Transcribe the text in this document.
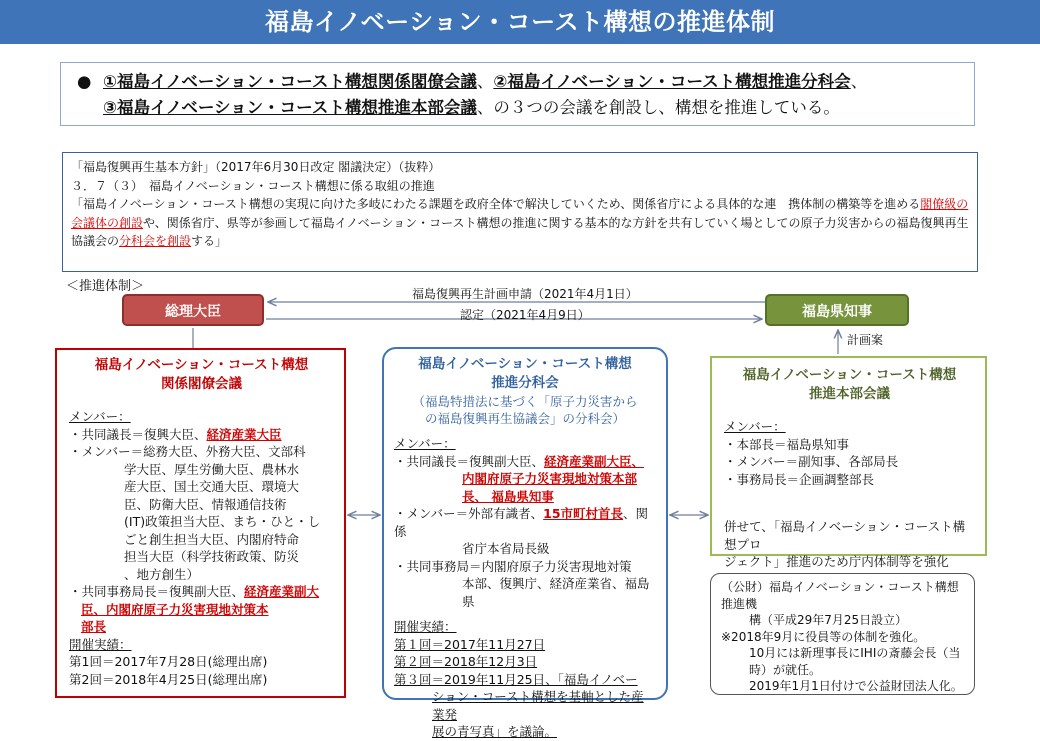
福島イノベーション・コースト構想の推進体制
● ①福島イノベーション・コースト構想関係閣僚会議、②福島イノベーション・コースト構想推進分科会、
③福島イノベーション・コースト構想推進本部会議、の３つの会議を創設し、構想を推進している。
「福島復興再生基本方針」（2017年6月30日改定 閣議決定）（抜粋）
３．７（３）　福島イノベーション・コースト構想に係る取組の推進
「福島イノベーション・コースト構想の実現に向けた多岐にわたる課題を政府全体で解決していくため、関係省庁による具体的な連　携体制の構築等を進める閣僚級の会議体の創設や、関係省庁、県等が参画して福島イノベーション・コースト構想の推進に関する基本的な方針を共有していく場としての原子力災害からの福島復興再生協議会の分科会を創設する」
＜推進体制＞
総理大臣	福島県知事
福島復興再生計画申請（2021年4月1日）
認定（2021年4月9日）
計画案
福島イノベーション・コースト構想
関係閣僚会議
メンバー：
・共同議長＝復興大臣、経済産業大臣
・メンバー＝総務大臣、外務大臣、文部科
学大臣、厚生労働大臣、農林水
産大臣、国土交通大臣、環境大
臣、防衛大臣、情報通信技術
(IT)政策担当大臣、まち・ひと・し
ごと創生担当大臣、内閣府特命
担当大臣（科学技術政策、防災
、地方創生）
・共同事務局長＝復興副大臣、経済産業副大
臣、内閣府原子力災害現地対策本
部長
開催実績：
第1回＝2017年7月28日(総理出席)
第2回＝2018年4月25日(総理出席)
福島イノベーション・コースト構想
推進分科会
（福島特措法に基づく「原子力災害から
の福島復興再生協議会」の分科会）
メンバー：
・共同議長＝復興副大臣、経済産業副大臣、
内閣府原子力災害現地対策本部
長、 福島県知事
・メンバー＝外部有識者、15市町村首長、関係
省庁本省局長級
・共同事務局＝内閣府原子力災害現地対策
本部、復興庁、経済産業省、福島県
開催実績：
第１回＝2017年11月27日
第２回＝2018年12月3日
第３回＝2019年11月25日、「福島イノベー
ション・コースト構想を基軸とした産業発
展の青写真」を議論。
福島イノベーション・コースト構想
推進本部会議
メンバー：
・本部長＝福島県知事
・メンバー＝副知事、各部局長
・事務局長＝企画調整部長
併せて、「福島イノベーション・コースト構想プロ
ジェクト」推進のため庁内体制等を強化
（公財）福島イノベーション・コースト構想推進機
構（平成29年7月25日設立）
※2018年9月に役員等の体制を強化。
10月には新理事長にIHIの斎藤会長（当
時）が就任。
2019年1月1日付けで公益財団法人化。
